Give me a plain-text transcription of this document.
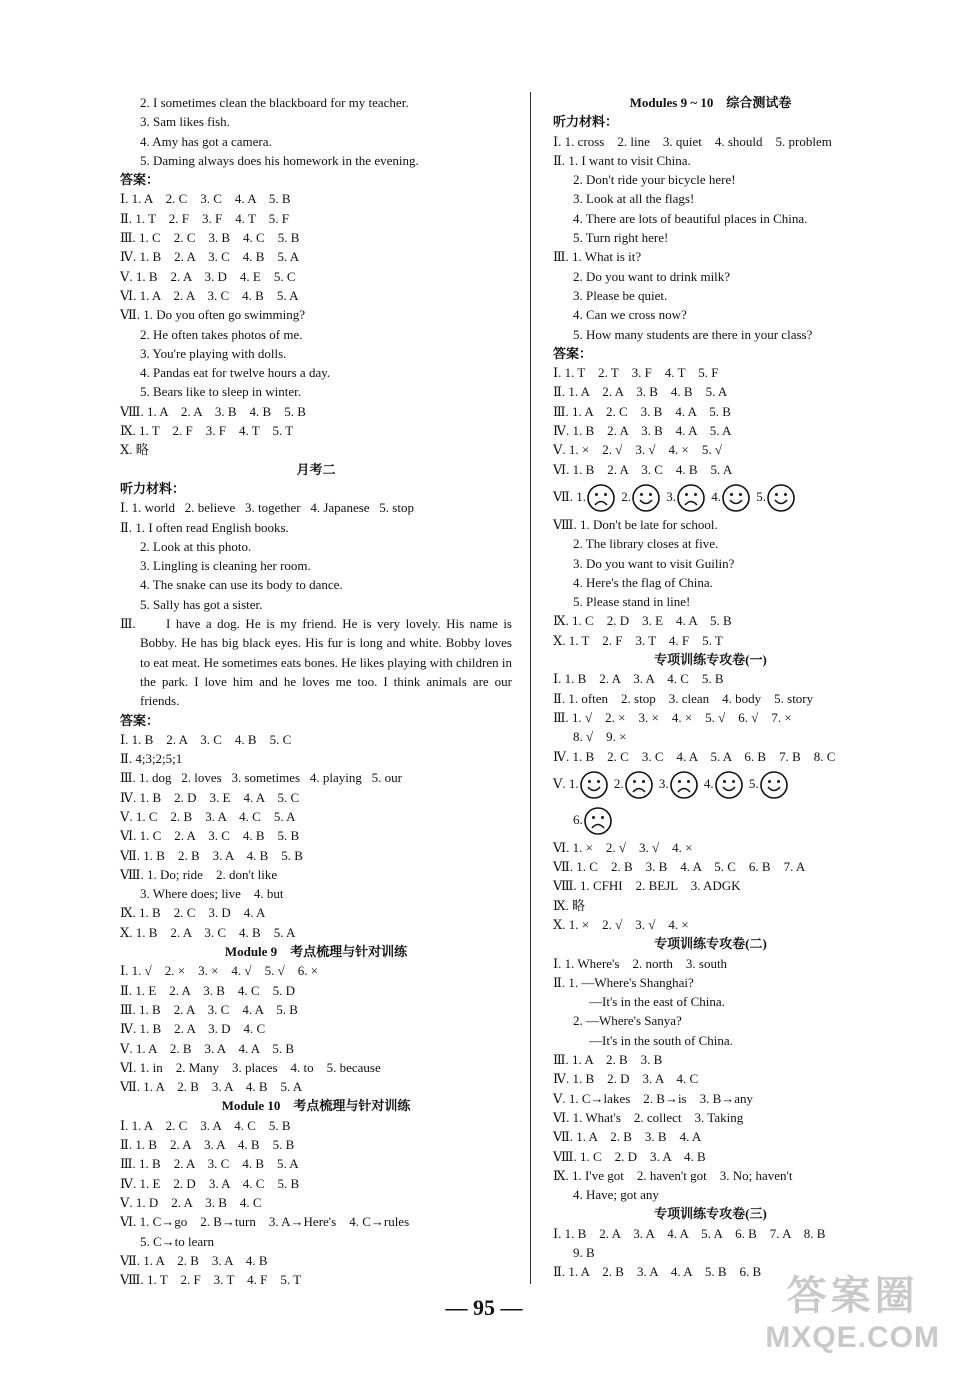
2. I sometimes clean the blackboard for my teacher.
3. Sam likes fish.
4. Amy has got a camera.
5. Daming always does his homework in the evening.
答案：
Ⅰ. 1. A    2. C    3. C    4. A    5. B
Ⅱ. 1. T    2. F    3. F    4. T    5. F
Ⅲ. 1. C    2. C    3. B    4. C    5. B
Ⅳ. 1. B    2. A    3. C    4. B    5. A
Ⅴ. 1. B    2. A    3. D    4. E    5. C
Ⅵ. 1. A    2. A    3. C    4. B    5. A
Ⅶ. 1. Do you often go swimming?
2. He often takes photos of me.
3. You're playing with dolls.
4. Pandas eat for twelve hours a day.
5. Bears like to sleep in winter.
Ⅷ. 1. A    2. A    3. B    4. B    5. B
Ⅸ. 1. T    2. F    3. F    4. T    5. T
Ⅹ. 略
月考二
听力材料：
Ⅰ. 1. world   2. believe   3. together   4. Japanese   5. stop
Ⅱ. 1. I often read English books.
2. Look at this photo.
3. Lingling is cleaning her room.
4. The snake can use its body to dance.
5. Sally has got a sister.
Ⅲ.	I have a dog. He is my friend. He is very lovely. His name is Bobby. He has big black eyes. His fur is long and white. Bobby loves to eat meat. He sometimes eats bones. He likes playing with children in the park. I love him and he loves me too. I think animals are our friends.
答案：
Ⅰ. 1. B    2. A    3. C    4. B    5. C
Ⅱ. 4;3;2;5;1
Ⅲ. 1. dog   2. loves   3. sometimes   4. playing   5. our
Ⅳ. 1. B    2. D    3. E    4. A    5. C
Ⅴ. 1. C    2. B    3. A    4. C    5. A
Ⅵ. 1. C    2. A    3. C    4. B    5. B
Ⅶ. 1. B    2. B    3. A    4. B    5. B
Ⅷ. 1. Do; ride    2. don't like
3. Where does; live    4. but
Ⅸ. 1. B    2. C    3. D    4. A
Ⅹ. 1. B    2. A    3. C    4. B    5. A
Module 9    考点梳理与针对训练
Ⅰ. 1. √    2. ×    3. ×    4. √    5. √    6. ×
Ⅱ. 1. E    2. A    3. B    4. C    5. D
Ⅲ. 1. B    2. A    3. C    4. A    5. B
Ⅳ. 1. B    2. A    3. D    4. C
Ⅴ. 1. A    2. B    3. A    4. A    5. B
Ⅵ. 1. in    2. Many    3. places    4. to    5. because
Ⅶ. 1. A    2. B    3. A    4. B    5. A
Module 10    考点梳理与针对训练
Ⅰ. 1. A    2. C    3. A    4. C    5. B
Ⅱ. 1. B    2. A    3. A    4. B    5. B
Ⅲ. 1. B    2. A    3. C    4. B    5. A
Ⅳ. 1. E    2. D    3. A    4. C    5. B
Ⅴ. 1. D    2. A    3. B    4. C
Ⅵ. 1. C→go    2. B→turn    3. A→Here's    4. C→rules
5. C→to learn
Ⅶ. 1. A    2. B    3. A    4. B
Ⅷ. 1. T    2. F    3. T    4. F    5. T
Modules 9 ~ 10    综合测试卷
听力材料：
Ⅰ. 1. cross    2. line    3. quiet    4. should    5. problem
Ⅱ. 1. I want to visit China.
2. Don't ride your bicycle here!
3. Look at all the flags!
4. There are lots of beautiful places in China.
5. Turn right here!
Ⅲ. 1. What is it?
2. Do you want to drink milk?
3. Please be quiet.
4. Can we cross now?
5. How many students are there in your class?
答案：
Ⅰ. 1. T    2. T    3. F    4. T    5. F
Ⅱ. 1. A    2. A    3. B    4. B    5. A
Ⅲ. 1. A    2. C    3. B    4. A    5. B
Ⅳ. 1. B    2. A    3. B    4. A    5. A
Ⅴ. 1. ×    2. √    3. √    4. ×    5. √
Ⅵ. 1. B    2. A    3. C    4. B    5. A
Ⅶ. 1.	2.	3.	4.	5.
Ⅷ. 1. Don't be late for school.
2. The library closes at five.
3. Do you want to visit Guilin?
4. Here's the flag of China.
5. Please stand in line!
Ⅸ. 1. C    2. D    3. E    4. A    5. B
Ⅹ. 1. T    2. F    3. T    4. F    5. T
专项训练专攻卷(一)
Ⅰ. 1. B    2. A    3. A    4. C    5. B
Ⅱ. 1. often    2. stop    3. clean    4. body    5. story
Ⅲ. 1. √    2. ×    3. ×    4. ×    5. √    6. √    7. ×
8. √    9. ×
Ⅳ. 1. B    2. C    3. C    4. A    5. A    6. B    7. B    8. C
Ⅴ. 1.	2.	3.	4.	5.
6.
Ⅵ. 1. ×    2. √    3. √    4. ×
Ⅶ. 1. C    2. B    3. B    4. A    5. C    6. B    7. A
Ⅷ. 1. CFHI    2. BEJL    3. ADGK
Ⅸ. 略
Ⅹ. 1. ×    2. √    3. √    4. ×
专项训练专攻卷(二)
Ⅰ. 1. Where's    2. north    3. south
Ⅱ. 1. —Where's Shanghai?
—It's in the east of China.
2. —Where's Sanya?
—It's in the south of China.
Ⅲ. 1. A    2. B    3. B
Ⅳ. 1. B    2. D    3. A    4. C
Ⅴ. 1. C→lakes    2. B→is    3. B→any
Ⅵ. 1. What's    2. collect    3. Taking
Ⅶ. 1. A    2. B    3. B    4. A
Ⅷ. 1. C    2. D    3. A    4. B
Ⅸ. 1. I've got    2. haven't got    3. No; haven't
4. Have; got any
专项训练专攻卷(三)
Ⅰ. 1. B    2. A    3. A    4. A    5. A    6. B    7. A    8. B
9. B
Ⅱ. 1. A    2. B    3. A    4. A    5. B    6. B
— 95 —	答案圈
MXQE.COM
